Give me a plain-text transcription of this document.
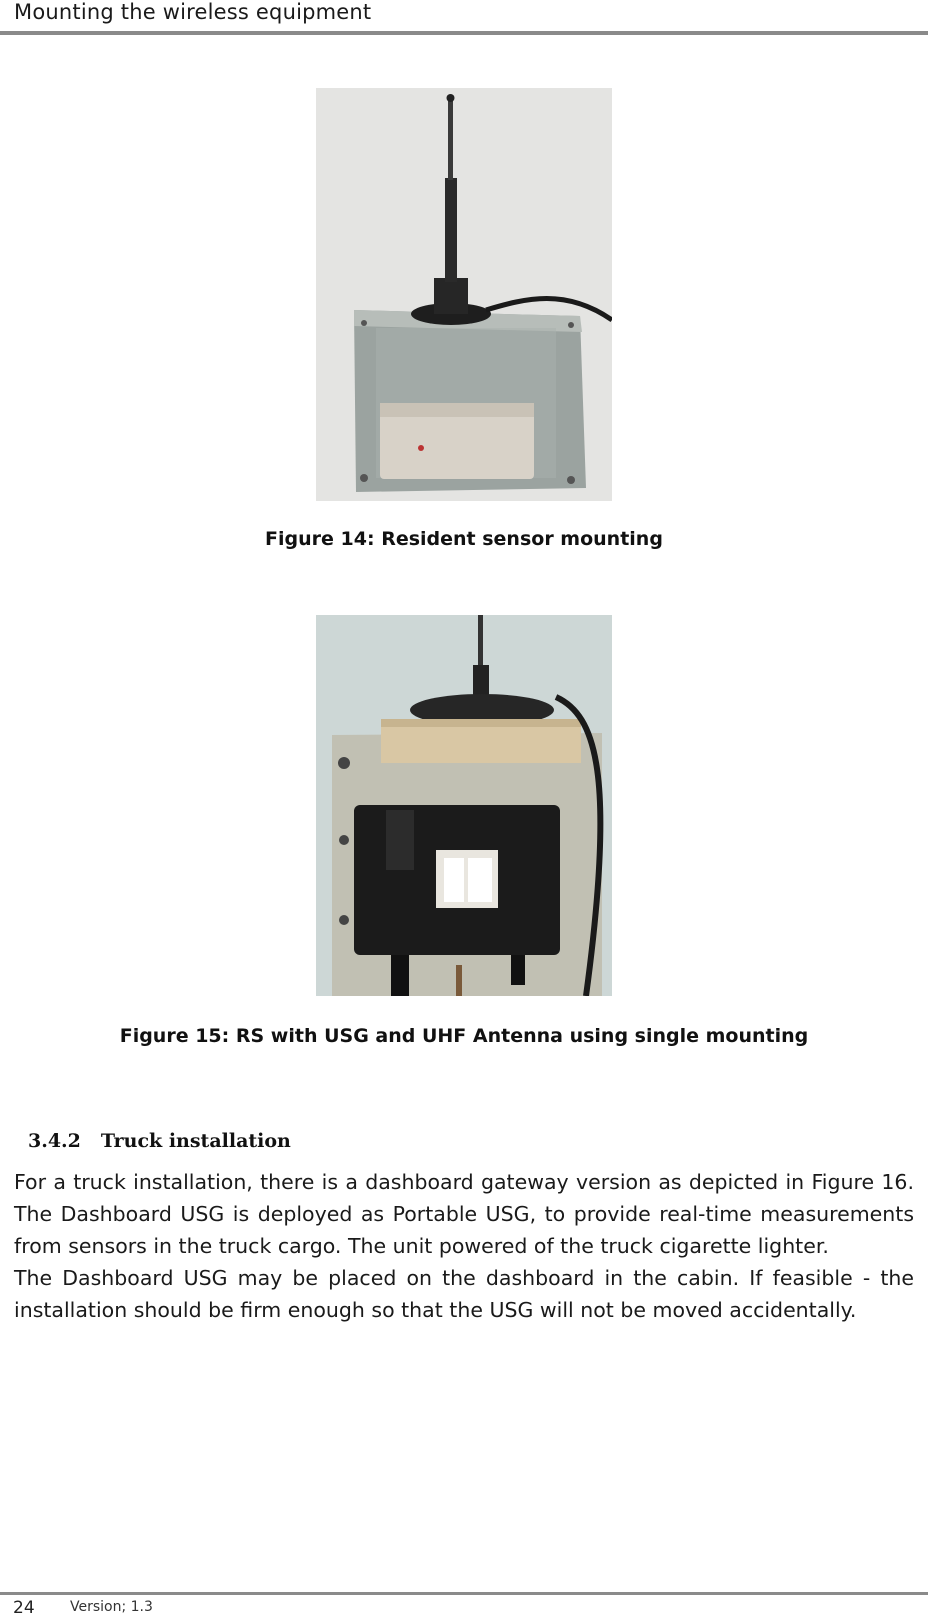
Mounting the wireless equipment
Figure 14: Resident sensor mounting
Figure 15: RS with USG and UHF Antenna using single mounting
3.4.2 Truck installation

For a truck installation, there is a dashboard gateway version as depicted in Figure 16. The Dashboard USG is deployed as Portable USG, to provide real-time measurements from sensors in the truck cargo. The unit powered of the truck cigarette lighter.

The Dashboard USG may be placed on the dashboard in the cabin. If feasible - the installation should be firm enough so that the USG will not be moved accidentally.

24	Version; 1.3
